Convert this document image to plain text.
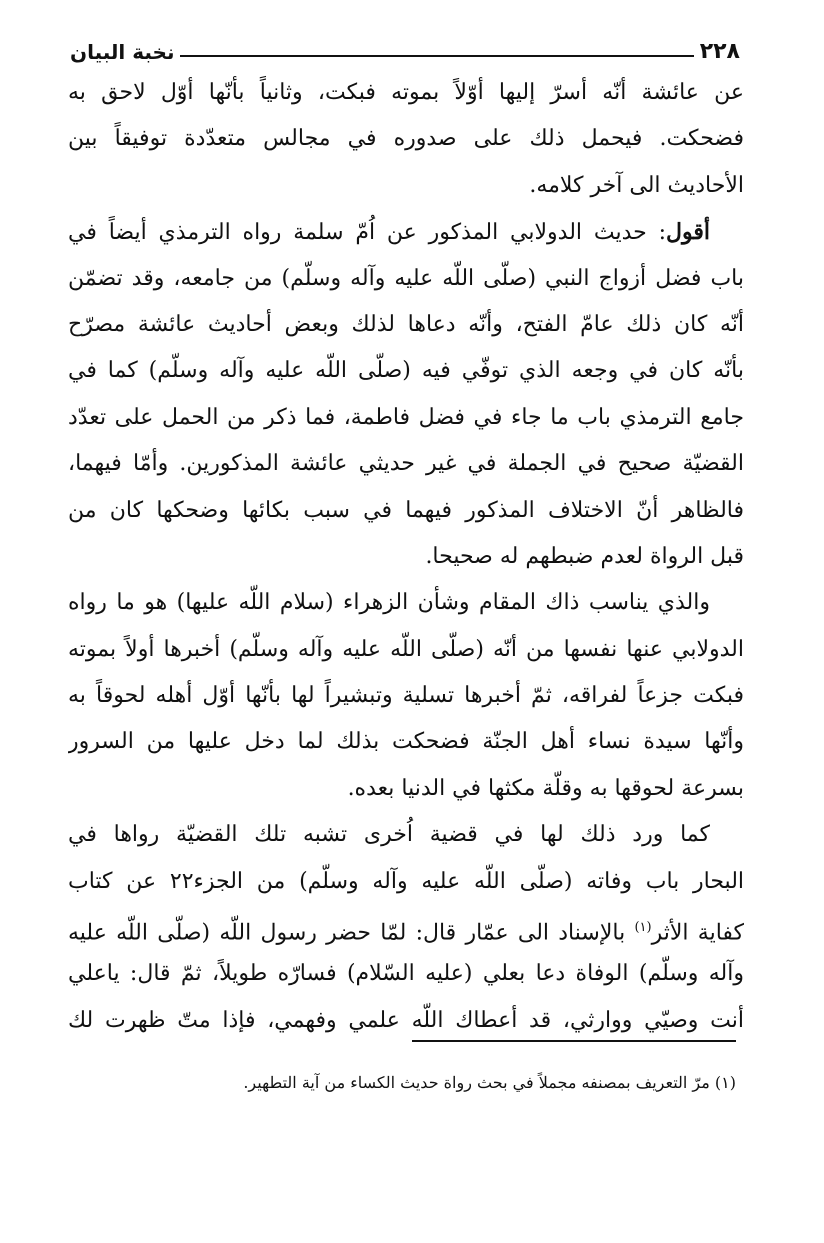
٢٢٨
نخبة البيان
عن عائشة أنّه أسرّ إليها أوّلاً بموته فبكت، وثانياً بأنّها أوّل لاحق به
فضحكت. فيحمل ذلك على صدوره في مجالس متعدّدة توفيقاً بين
الأحاديث الى آخر كلامه.
أقول: حديث الدولابي المذكور عن اُمّ سلمة رواه الترمذي أيضاً في
باب فضل أزواج النبي (صلّى اللّه عليه وآله وسلّم) من جامعه، وقد تضمّن
أنّه كان ذلك عامّ الفتح، وأنّه دعاها لذلك وبعض أحاديث عائشة مصرّح
بأنّه كان في وجعه الذي توفّي فيه (صلّى اللّه عليه وآله وسلّم) كما في
جامع الترمذي باب ما جاء في فضل فاطمة، فما ذكر من الحمل على تعدّد
القضيّة صحيح في الجملة في غير حديثي عائشة المذكورين. وأمّا فيهما،
فالظاهر أنّ الاختلاف المذكور فيهما في سبب بكائها وضحكها كان من
قبل الرواة لعدم ضبطهم له صحيحا.
والذي يناسب ذاك المقام وشأن الزهراء (سلام اللّه عليها) هو ما رواه
الدولابي عنها نفسها من أنّه (صلّى اللّه عليه وآله وسلّم) أخبرها أولاً بموته
فبكت جزعاً لفراقه، ثمّ أخبرها تسلية وتبشيراً لها بأنّها أوّل أهله لحوقاً به
وأنّها سيدة نساء أهل الجنّة فضحكت بذلك لما دخل عليها من السرور
بسرعة لحوقها به وقلّة مكثها في الدنيا بعده.
كما ورد ذلك لها في قضية اُخرى تشبه تلك القضيّة رواها في
البحار باب وفاته (صلّى اللّه عليه وآله وسلّم) من الجزء٢٢ عن كتاب
كفاية الأثر$^{(١)}$ بالإسناد الى عمّار قال: لمّا حضر رسول اللّه (صلّى اللّه عليه
وآله وسلّم) الوفاة دعا بعلي (عليه السّلام) فسارّه طويلاً، ثمّ قال: ياعلي
أنت وصيّي ووارثي، قد أعطاك اللّه علمي وفهمي، فإذا متّ ظهرت لك
(١) مرّ التعريف بمصنفه مجملاً في بحث رواة حديث الكساء من آية التطهير.
